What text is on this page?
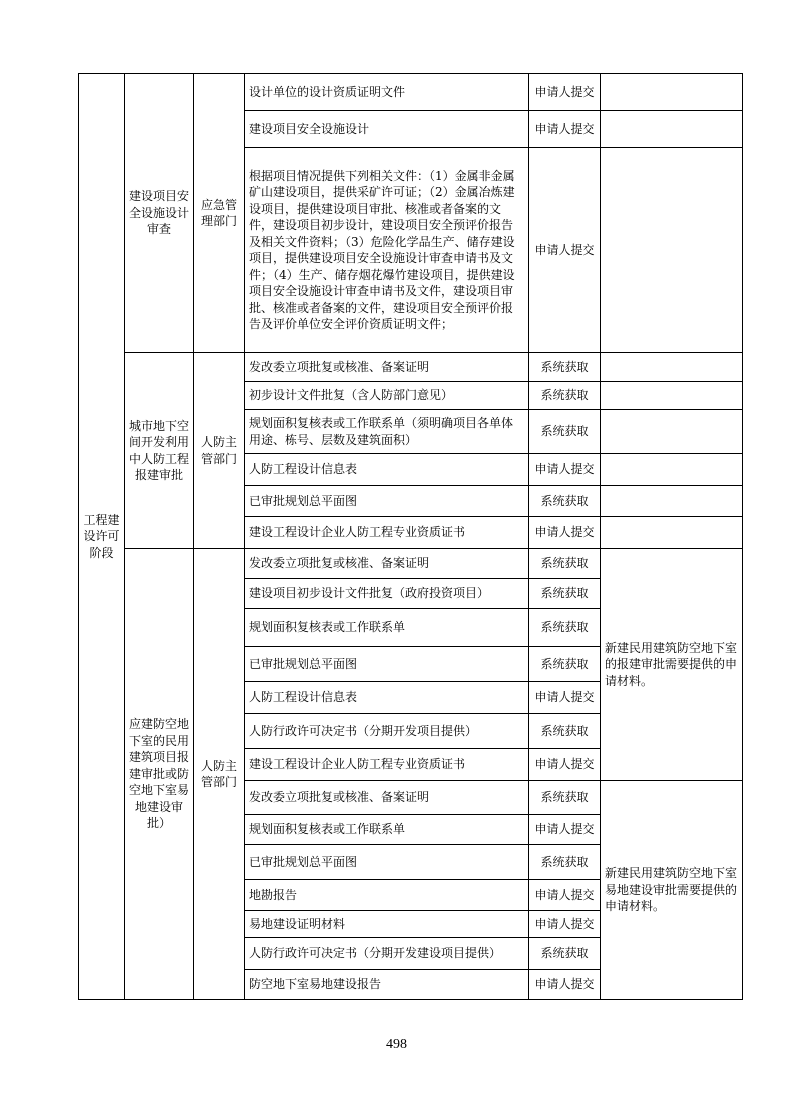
工程建设许可阶段	建设项目安全设施设计审查	应急管理部门	设计单位的设计资质证明文件	申请人提交	
			建设项目安全设施设计	申请人提交	
			根据项目情况提供下列相关文件：（1）金属非金属矿山建设项目，提供采矿许可证；（2）金属冶炼建设项目，提供建设项目审批、核准或者备案的文件，建设项目初步设计，建设项目安全预评价报告及相关文件资料；（3）危险化学品生产、储存建设项目，提供建设项目安全设施设计审查申请书及文件；（4）生产、储存烟花爆竹建设项目，提供建设项目安全设施设计审查申请书及文件，建设项目审批、核准或者备案的文件，建设项目安全预评价报告及评价单位安全评价资质证明文件；	申请人提交	
	城市地下空间开发利用中人防工程报建审批	人防主管部门	发改委立项批复或核准、备案证明	系统获取	
			初步设计文件批复（含人防部门意见）	系统获取	
			规划面积复核表或工作联系单（须明确项目各单体用途、栋号、层数及建筑面积）	系统获取	
			人防工程设计信息表	申请人提交	
			已审批规划总平面图	系统获取	
			建设工程设计企业人防工程专业资质证书	申请人提交	
	应建防空地下室的民用建筑项目报建审批或防空地下室易地建设审批）	人防主管部门	发改委立项批复或核准、备案证明	系统获取	新建民用建筑防空地下室的报建审批需要提供的申请材料。
			建设项目初步设计文件批复（政府投资项目）	系统获取	
			规划面积复核表或工作联系单	系统获取	
			已审批规划总平面图	系统获取	
			人防工程设计信息表	申请人提交	
			人防行政许可决定书（分期开发项目提供）	系统获取	
			建设工程设计企业人防工程专业资质证书	申请人提交	
			发改委立项批复或核准、备案证明	系统获取	新建民用建筑防空地下室易地建设审批需要提供的申请材料。
			规划面积复核表或工作联系单	申请人提交	
			已审批规划总平面图	系统获取	
			地勘报告	申请人提交	
			易地建设证明材料	申请人提交	
			人防行政许可决定书（分期开发建设项目提供）	系统获取	
			防空地下室易地建设报告	申请人提交	
498
